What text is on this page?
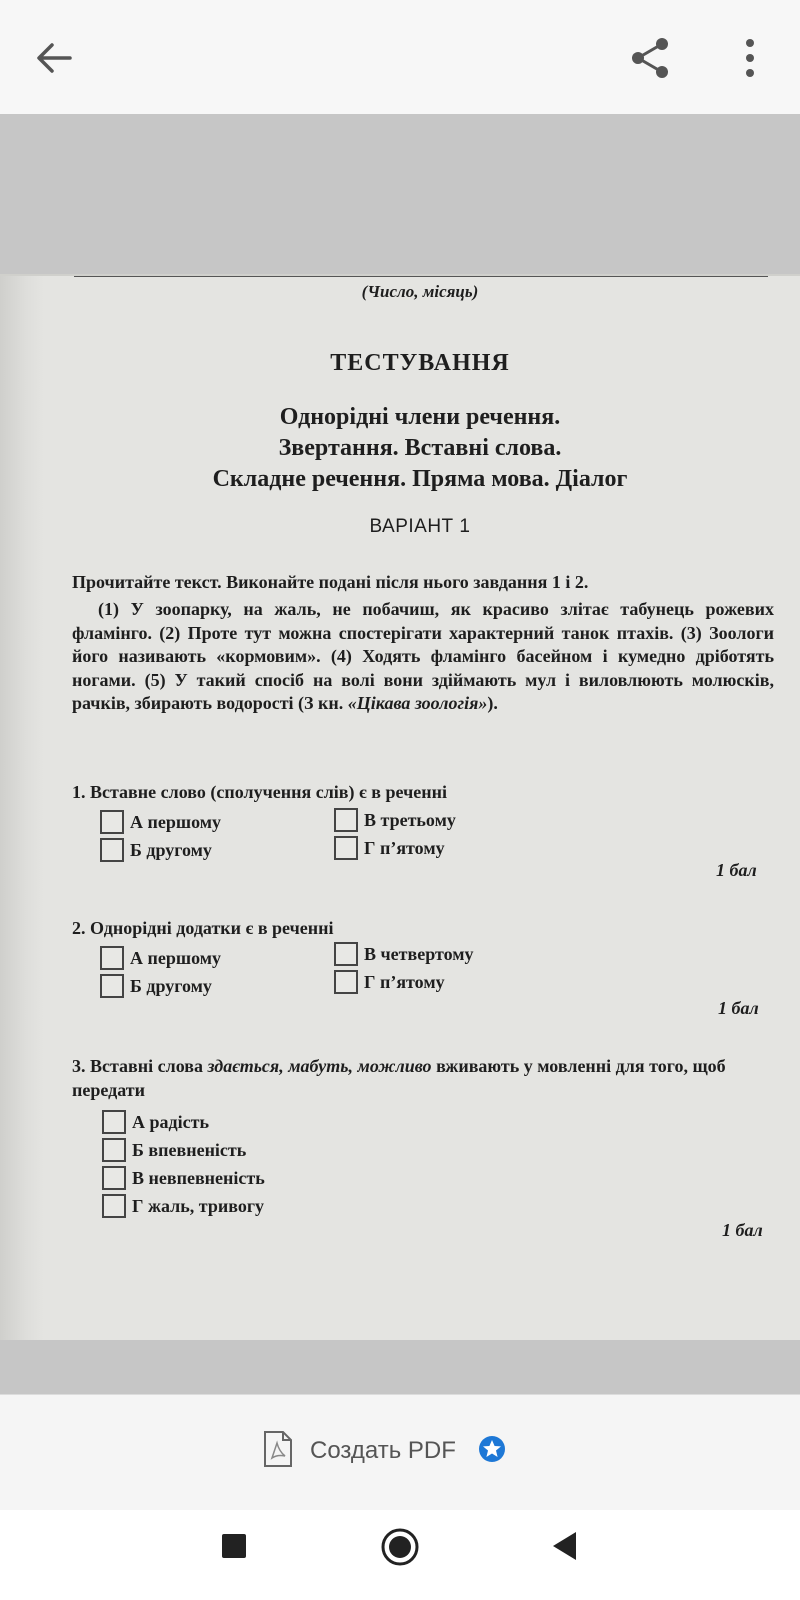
(Число, місяць)
ТЕСТУВАННЯ
Однорідні члени речення.
Звертання. Вставні слова.
Складне речення. Пряма мова. Діалог
ВАРІАНТ 1
Прочитайте текст. Виконайте подані після нього завдання 1 і 2.
(1) У зоопарку, на жаль, не побачиш, як красиво злітає табунець рожевих фламінго. (2) Проте тут можна спостерігати характерний танок птахів. (3) Зоологи його називають «кормовим». (4) Ходять фламінго басейном і кумедно дріботять ногами. (5) У такий спосіб на волі вони здіймають мул і виловлюють молюсків, рачків, збирають водорості (З кн. «Цікава зоологія»).
1. Вставне слово (сполучення слів) є в реченні
А першому
Б другому
В третьому
Г п’ятому
1 бал
2. Однорідні додатки є в реченні
А першому
Б другому
В четвертому
Г п’ятому
1 бал
3. Вставні слова здається, мабуть, можливо вживають у мовленні для того, щоб передати
А радість
Б впевненість
В невпевненість
Г жаль, тривогу
1 бал
Создать PDF
